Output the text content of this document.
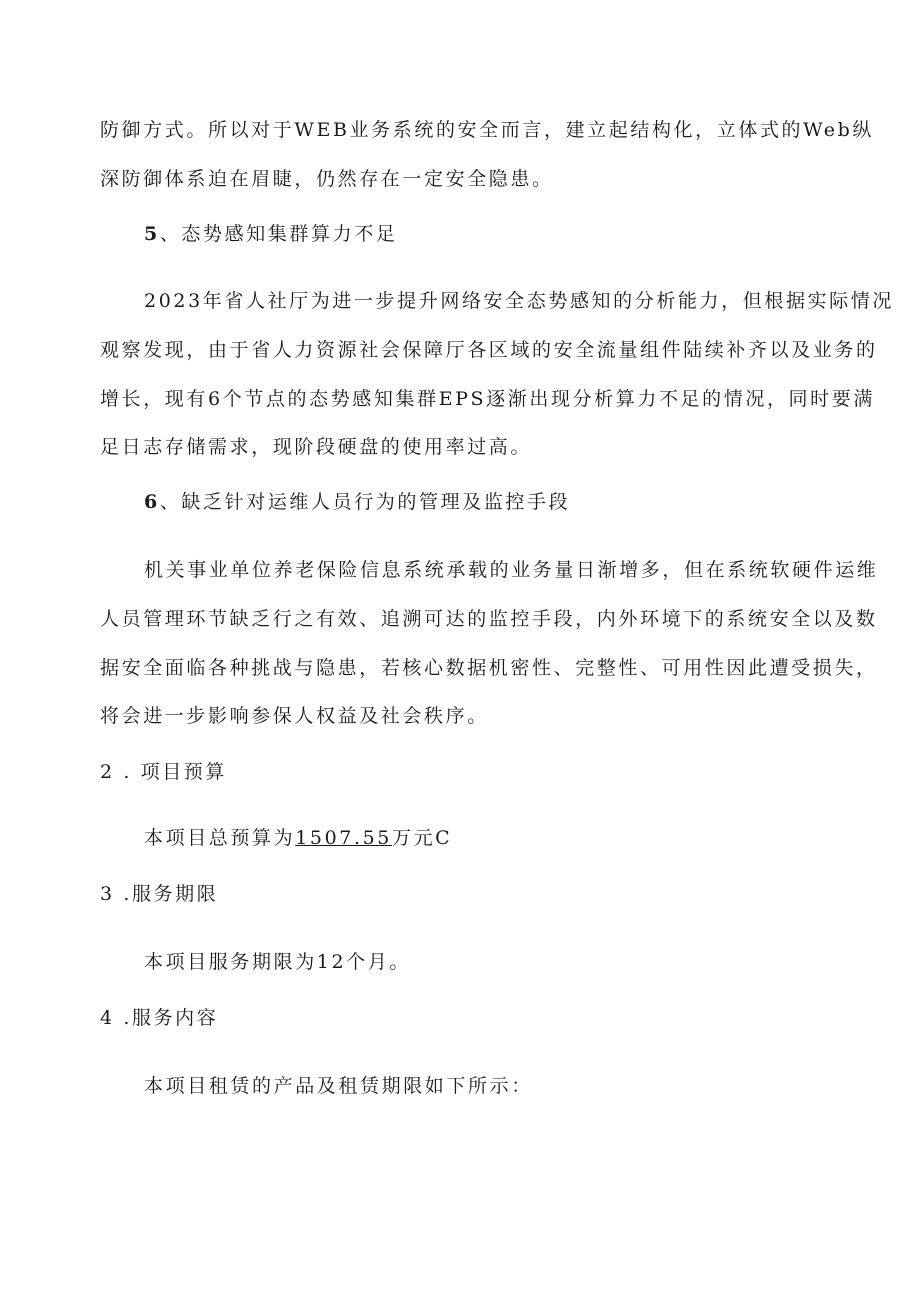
防御方式。所以对于WEB业务系统的安全而言，建立起结构化，立体式的Web纵
深防御体系迫在眉睫，仍然存在一定安全隐患。
5、态势感知集群算力不足
2023年省人社厅为进一步提升网络安全态势感知的分析能力，但根据实际情况
观察发现，由于省人力资源社会保障厅各区域的安全流量组件陆续补齐以及业务的
增长，现有6个节点的态势感知集群EPS逐渐出现分析算力不足的情况，同时要满
足日志存储需求，现阶段硬盘的使用率过高。
6、缺乏针对运维人员行为的管理及监控手段
机关事业单位养老保险信息系统承载的业务量日渐增多，但在系统软硬件运维
人员管理环节缺乏行之有效、追溯可达的监控手段，内外环境下的系统安全以及数
据安全面临各种挑战与隐患，若核心数据机密性、完整性、可用性因此遭受损失，
将会进一步影响参保人权益及社会秩序。
2 . 项目预算
本项目总预算为1507.55万元C
3 .服务期限
本项目服务期限为12个月。
4 .服务内容
本项目租赁的产品及租赁期限如下所示：
